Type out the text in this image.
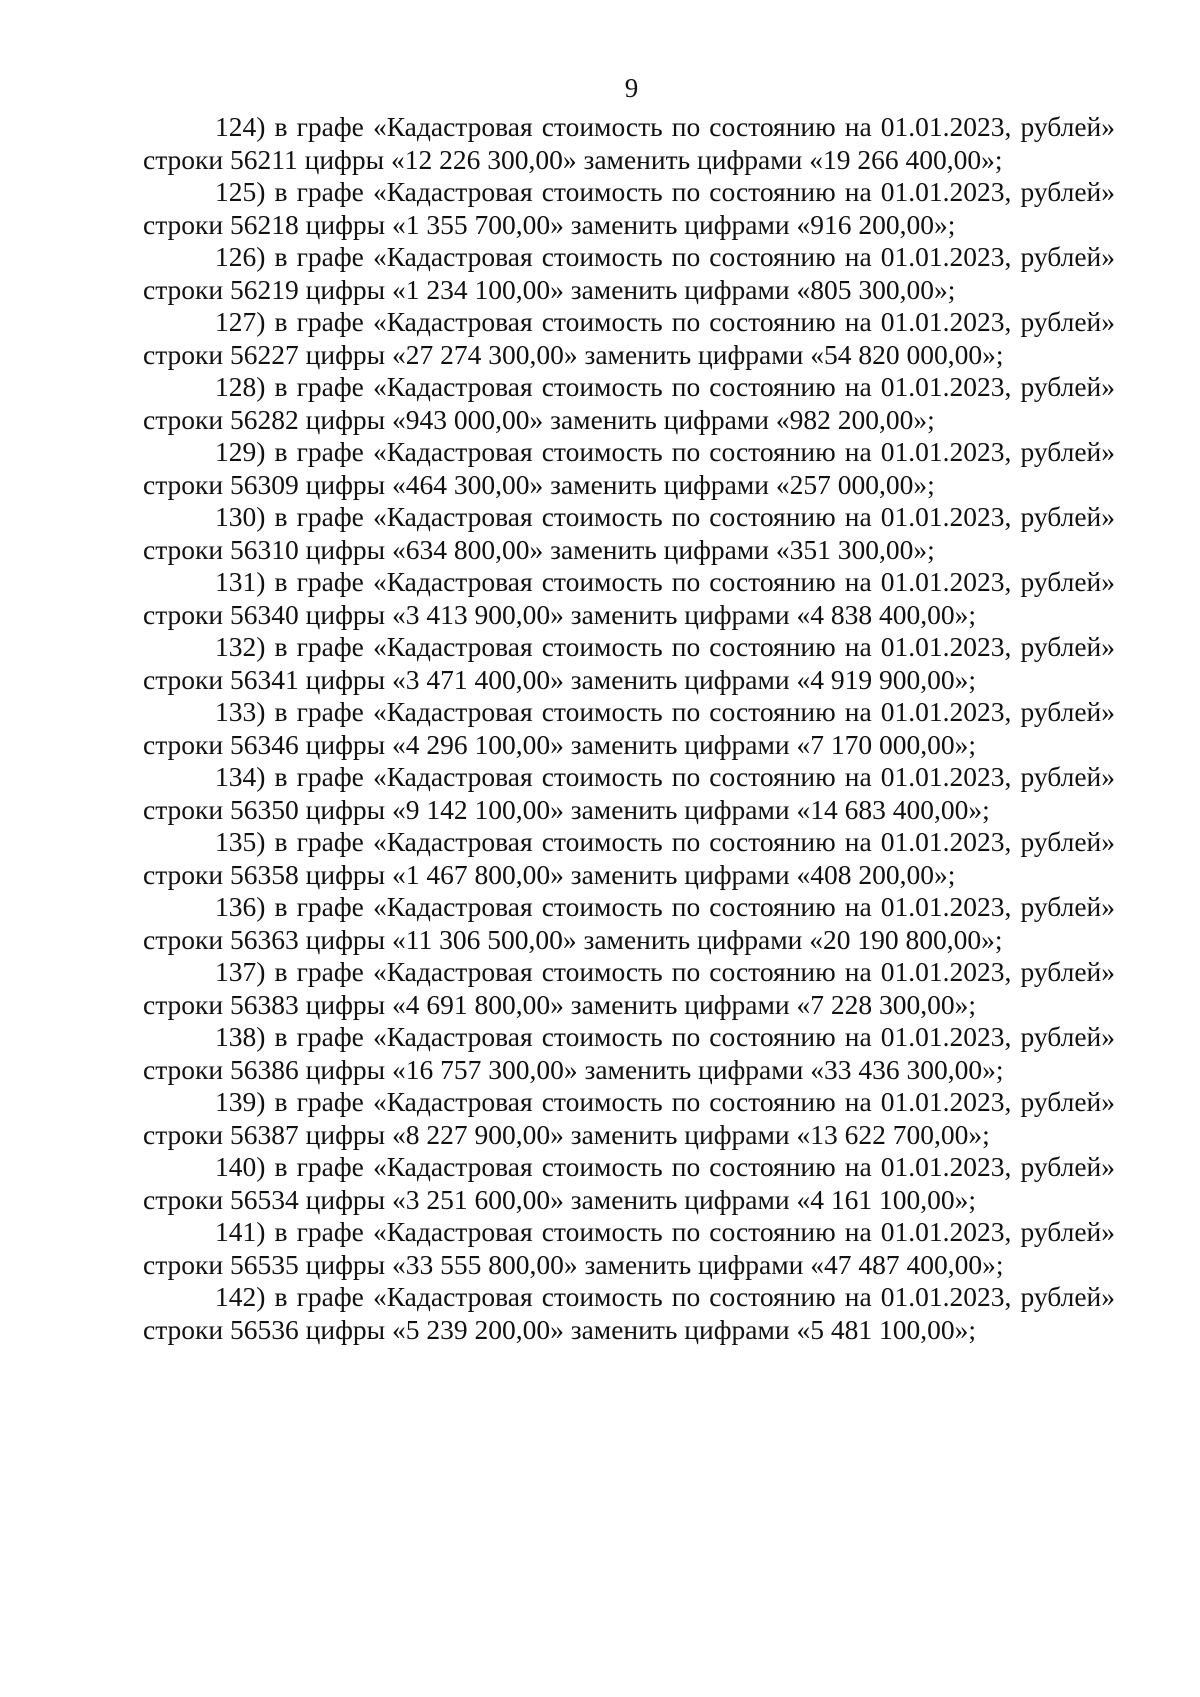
9

124) в графе «Кадастровая стоимость по состоянию на 01.01.2023, рублей» строки 56211 цифры «12 226 300,00» заменить цифрами «19 266 400,00»;

125) в графе «Кадастровая стоимость по состоянию на 01.01.2023, рублей» строки 56218 цифры «1 355 700,00» заменить цифрами «916 200,00»;

126) в графе «Кадастровая стоимость по состоянию на 01.01.2023, рублей» строки 56219 цифры «1 234 100,00» заменить цифрами «805 300,00»;

127) в графе «Кадастровая стоимость по состоянию на 01.01.2023, рублей» строки 56227 цифры «27 274 300,00» заменить цифрами «54 820 000,00»;

128) в графе «Кадастровая стоимость по состоянию на 01.01.2023, рублей» строки 56282 цифры «943 000,00» заменить цифрами «982 200,00»;

129) в графе «Кадастровая стоимость по состоянию на 01.01.2023, рублей» строки 56309 цифры «464 300,00» заменить цифрами «257 000,00»;

130) в графе «Кадастровая стоимость по состоянию на 01.01.2023, рублей» строки 56310 цифры «634 800,00» заменить цифрами «351 300,00»;

131) в графе «Кадастровая стоимость по состоянию на 01.01.2023, рублей» строки 56340 цифры «3 413 900,00» заменить цифрами «4 838 400,00»;

132) в графе «Кадастровая стоимость по состоянию на 01.01.2023, рублей» строки 56341 цифры «3 471 400,00» заменить цифрами «4 919 900,00»;

133) в графе «Кадастровая стоимость по состоянию на 01.01.2023, рублей» строки 56346 цифры «4 296 100,00» заменить цифрами «7 170 000,00»;

134) в графе «Кадастровая стоимость по состоянию на 01.01.2023, рублей» строки 56350 цифры «9 142 100,00» заменить цифрами «14 683 400,00»;

135) в графе «Кадастровая стоимость по состоянию на 01.01.2023, рублей» строки 56358 цифры «1 467 800,00» заменить цифрами «408 200,00»;

136) в графе «Кадастровая стоимость по состоянию на 01.01.2023, рублей» строки 56363 цифры «11 306 500,00» заменить цифрами «20 190 800,00»;

137) в графе «Кадастровая стоимость по состоянию на 01.01.2023, рублей» строки 56383 цифры «4 691 800,00» заменить цифрами «7 228 300,00»;

138) в графе «Кадастровая стоимость по состоянию на 01.01.2023, рублей» строки 56386 цифры «16 757 300,00» заменить цифрами «33 436 300,00»;

139) в графе «Кадастровая стоимость по состоянию на 01.01.2023, рублей» строки 56387 цифры «8 227 900,00» заменить цифрами «13 622 700,00»;

140) в графе «Кадастровая стоимость по состоянию на 01.01.2023, рублей» строки 56534 цифры «3 251 600,00» заменить цифрами «4 161 100,00»;

141) в графе «Кадастровая стоимость по состоянию на 01.01.2023, рублей» строки 56535 цифры «33 555 800,00» заменить цифрами «47 487 400,00»;

142) в графе «Кадастровая стоимость по состоянию на 01.01.2023, рублей» строки 56536 цифры «5 239 200,00» заменить цифрами «5 481 100,00»;
